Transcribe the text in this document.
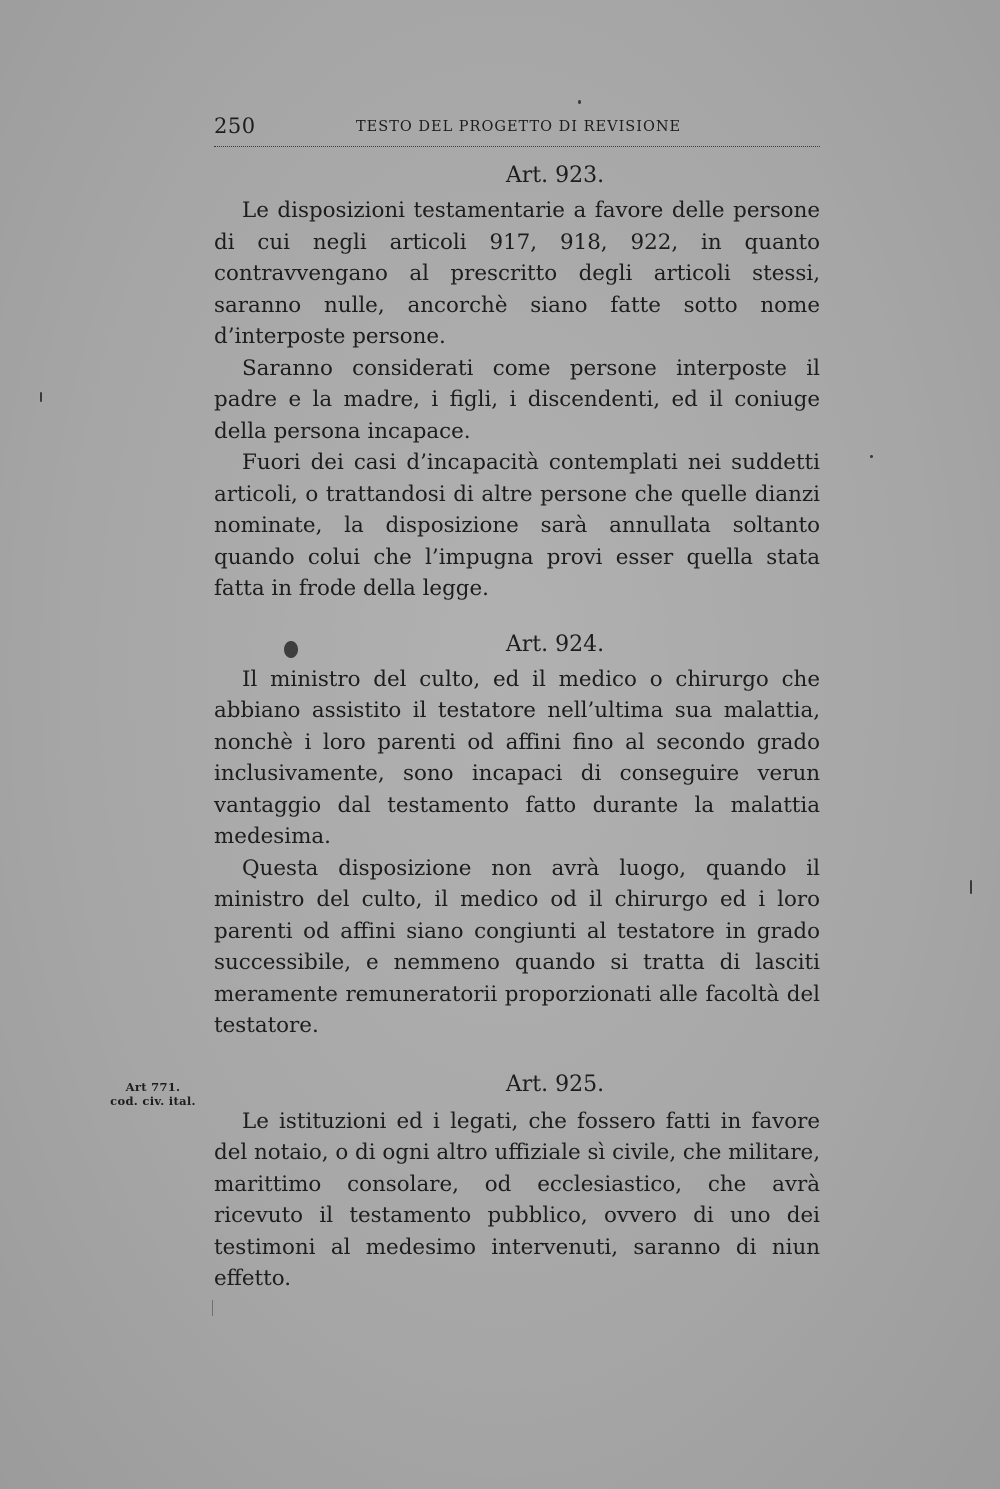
250	TESTO DEL PROGETTO DI REVISIONE

Art. 923.

Le disposizioni testamentarie a favore delle persone di cui negli articoli 917, 918, 922, in quanto contravvengano al prescritto degli articoli stessi, saranno nulle, ancorchè siano fatte sotto nome d’interposte persone.

Saranno considerati come persone interposte il padre e la madre, i figli, i discendenti, ed il coniuge della persona incapace.

Fuori dei casi d’incapacità contemplati nei suddetti articoli, o trattandosi di altre persone che quelle dianzi nominate, la disposizione sarà annullata soltanto quando colui che l’impugna provi esser quella stata fatta in frode della legge.

Art. 924.

Il ministro del culto, ed il medico o chirurgo che abbiano assistito il testatore nell’ultima sua malattia, nonchè i loro parenti od affini fino al secondo grado inclusivamente, sono incapaci di conseguire verun vantaggio dal testamento fatto durante la malattia medesima.

Questa disposizione non avrà luogo, quando il ministro del culto, il medico od il chirurgo ed i loro parenti od affini siano congiunti al testatore in grado successibile, e nemmeno quando si tratta di lasciti meramente remuneratorii proporzionati alle facoltà del testatore.

Art. 925.

Le istituzioni ed i legati, che fossero fatti in favore del notaio, o di ogni altro uffiziale sì civile, che militare, marittimo consolare, od ecclesiastico, che avrà ricevuto il testamento pubblico, ovvero di uno dei testimoni al medesimo intervenuti, saranno di niun effetto.

Art 771.
cod. civ. ital.
